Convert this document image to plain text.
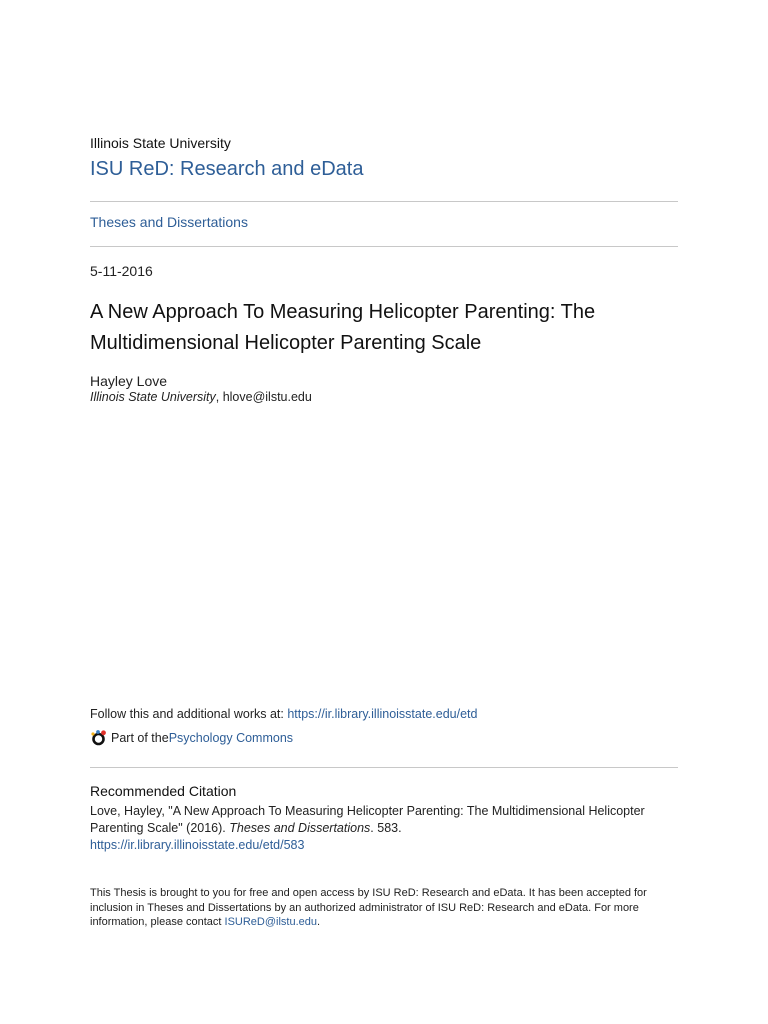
Illinois State University
ISU ReD: Research and eData
Theses and Dissertations
5-11-2016
A New Approach To Measuring Helicopter Parenting: The
Multidimensional Helicopter Parenting Scale
Hayley Love
Illinois State University, hlove@ilstu.edu
Follow this and additional works at: https://ir.library.illinoisstate.edu/etd
Part of the Psychology Commons
Recommended Citation
Love, Hayley, "A New Approach To Measuring Helicopter Parenting: The Multidimensional Helicopter Parenting Scale" (2016). Theses and Dissertations. 583.
https://ir.library.illinoisstate.edu/etd/583
This Thesis is brought to you for free and open access by ISU ReD: Research and eData. It has been accepted for inclusion in Theses and Dissertations by an authorized administrator of ISU ReD: Research and eData. For more information, please contact ISUReD@ilstu.edu.
